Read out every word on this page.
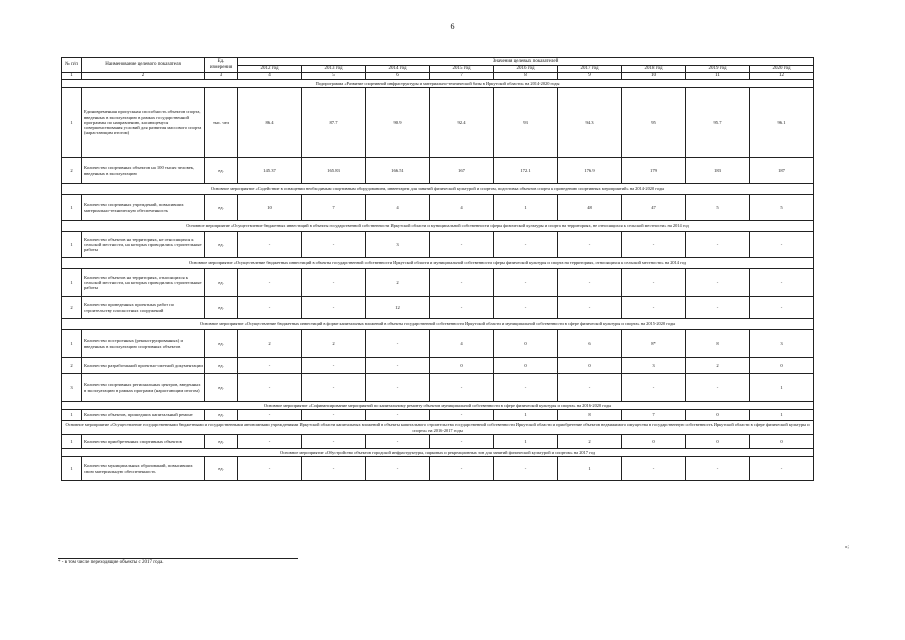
6
№ п/п	Наименование целевого показателя	Ед. измерения	Значения целевых показателей								
			2012 год	2013 год	2014 год	2015 год	2016 год	2017 год	2018 год	2019 год	2020 год
1	2	3	4	5	6	7	8	9	10	11	12
Подпрограмма «Развитие спортивной инфраструктуры и материально-технической базы в Иркутской области» на 2014-2020 годы											
1	Единовременная пропускная способность объектов спорта, введенных в эксплуатацию в рамках государственной программы по направлению, касающемуся совершенствования условий для развития массового спорта (нарастающим итогом)	тыс. чел	86.4	87.7	90.9	92.4	93	94.3	95	95.7	96.1
2	Количество спортивных объектов на 100 тысяч человек, введенных в эксплуатацию	ед.	145.37	165.83	166.51	167	172.1	176.9	179	183	187
Основное мероприятие «Содействие в оснащении необходимым спортивным оборудованием, инвентарем для занятий физической культурой и спортом, подготовка объектов спорта к проведению спортивных мероприятий» на 2014-2020 годы											
1	Количество спортивных учреждений, повысивших материально-техническую обеспеченность	ед.	10	7	4	4	1	48	47	5	5
Основное мероприятие «Осуществление бюджетных инвестиций в объекты государственной собственности Иркутской области и муниципальной собственности сферы физической культуры и спорта на территориях, не относящихся к сельской местности» на 2014 год											
1	Количество объектов на территориях, не относящихся к сельской местности, на которых проводились строительные работы	ед.	-	-	3	-	-	-	-	-	-
Основное мероприятие «Осуществление бюджетных инвестиций в объекты государственной собственности Иркутской области и муниципальной собственности сферы физической культуры и спорта на территориях, относящихся к сельской местности» на 2014 год											
1	Количество объектов на территориях, относящихся к сельской местности, на которых проводились строительные работы	ед.	-	-	2	-	-	-	-	-	-
2	Количество проведенных проектных работ по строительству плоскостных сооружений	ед.	-	-	12	-	-	-	-	-	-
Основное мероприятие «Осуществление бюджетных инвестиций в форме капитальных вложений в объекты государственной собственности Иркутской области и муниципальной собственности в сфере физической культуры и спорта» на 2015-2020 годы											
1	Количество построенных (реконструированных) и введенных в эксплуатацию спортивных объектов	ед.	2	2	-	4	0	6	8*	8	3
2	Количество разработанной проектно-сметной документации	ед.	-	-	-	0	0	0	3	2	0
3	Количество спортивных региональных центров, введенных в эксплуатацию в рамках программ (нарастающим итогом)	ед.	-	-	-	-	-	-	-	-	1
Основное мероприятие «Софинансирование мероприятий по капитальному ремонту объектов муниципальной собственности в сфере физической культуры и спорта» на 2016-2020 годы											
1	Количество объектов, прошедших капитальный ремонт	ед.	-	-	-	-	1	8	7	0	1
Основное мероприятие «Осуществление государственными бюджетными и государственными автономными учреждениями Иркутской области капитальных вложений в объекты капитального строительства государственной собственности Иркутской области и приобретение объектов недвижимого имущества в государственную собственность Иркутской области в сфере физической культуры и спорта» на 2016-2017 годы											
1	Количество приобретенных спортивных объектов	ед.	-	-	-	-	1	2	0	0	0
Основное мероприятие «Обустройство объектов городской инфраструктуры, парковых и рекреационных зон для занятий физической культурой и спортом» на 2017 год											
1	Количество муниципальных образований, повысивших свою материальную обеспеченность	ед.	-	-	-	-	-	1	-	-	-
* - в том числе переходящие объекты с 2017 года.
»;
